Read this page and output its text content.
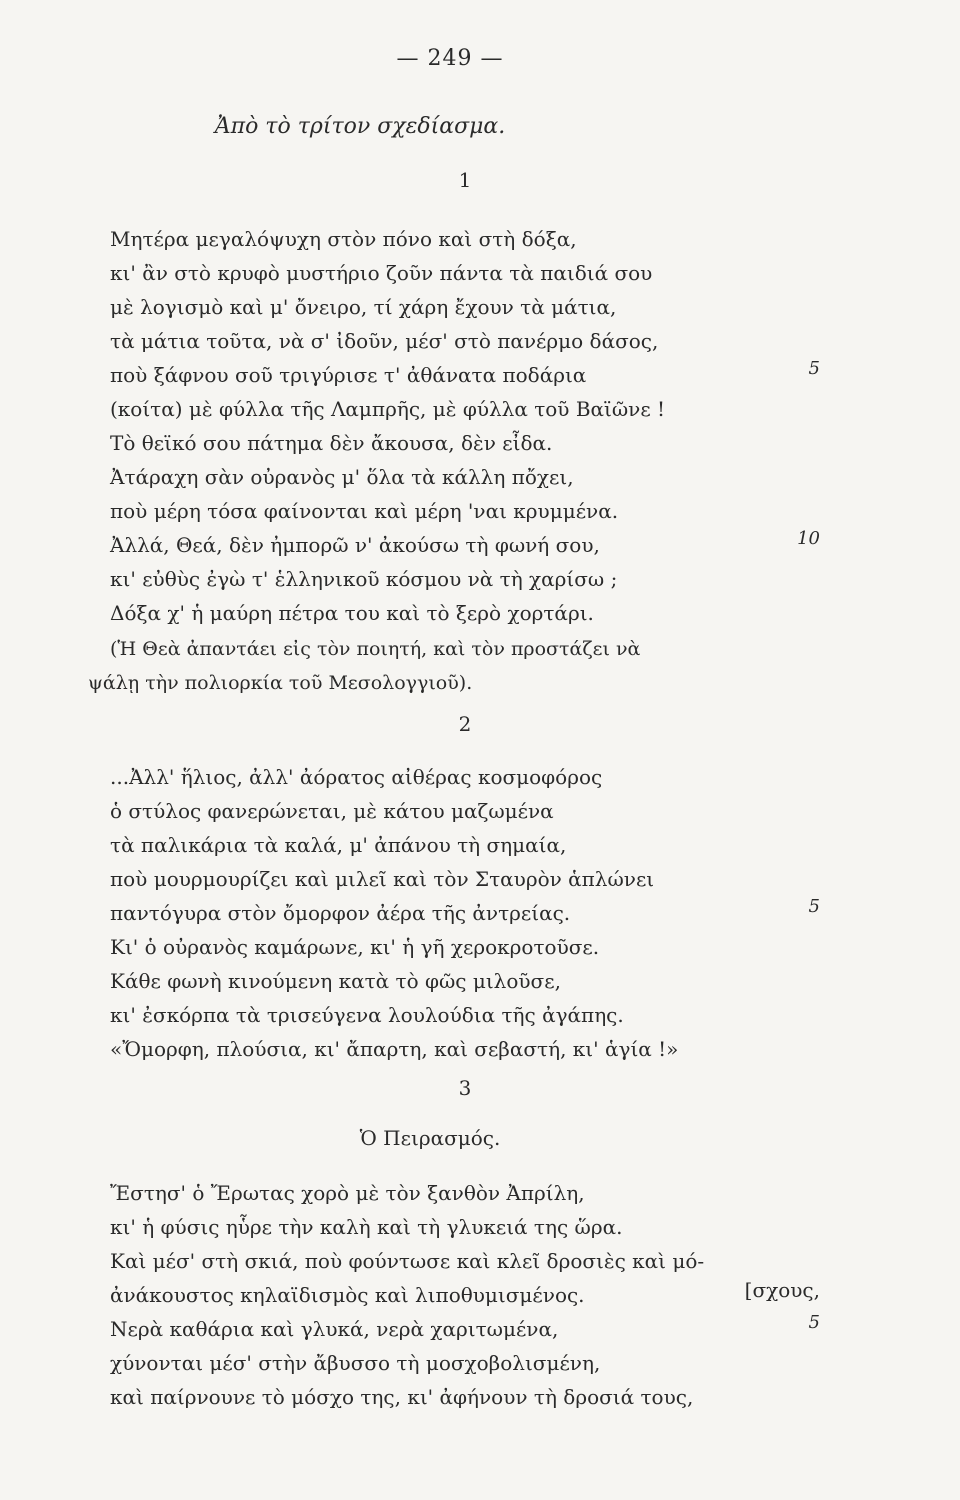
— 249 —
Ἀπὸ τὸ τρίτον σχεδίασμα.
1
Μητέρα μεγαλόψυχη στὸν πόνο καὶ στὴ δόξα,
κι' ἂν στὸ κρυφὸ μυστήριο ζοῦν πάντα τὰ παιδιά σου
μὲ λογισμὸ καὶ μ' ὄνειρο, τί χάρη ἔχουν τὰ μάτια,
τὰ μάτια τοῦτα, νὰ σ' ἰδοῦν, μέσ' στὸ πανέρμο δάσος,
ποὺ ξάφνου σοῦ τριγύρισε τ' ἀθάνατα ποδάρια	5
(κοίτα) μὲ φύλλα τῆς Λαμπρῆς, μὲ φύλλα τοῦ Βαϊῶνε !
Τὸ θεϊκό σου πάτημα δὲν ἄκουσα, δὲν εἶδα.
Ἀτάραχη σὰν οὐρανὸς μ' ὅλα τὰ κάλλη πὄχει,
ποὺ μέρη τόσα φαίνονται καὶ μέρη 'ναι κρυμμένα.
Ἀλλά, Θεά, δὲν ἠμπορῶ ν' ἀκούσω τὴ φωνή σου,	10
κι' εὐθὺς ἐγὼ τ' ἑλληνικοῦ κόσμου νὰ τὴ χαρίσω ;
Δόξα χ' ἡ μαύρη πέτρα του καὶ τὸ ξερὸ χορτάρι.
(Ἡ Θεὰ ἀπαντάει εἰς τὸν ποιητή, καὶ τὸν προστάζει νὰ
ψάλῃ τὴν πολιορκία τοῦ Μεσολογγιοῦ).
2
...Ἀλλ' ἥλιος, ἀλλ' ἀόρατος αἰθέρας κοσμοφόρος
ὁ στύλος φανερώνεται, μὲ κάτου μαζωμένα
τὰ παλικάρια τὰ καλά, μ' ἀπάνου τὴ σημαία,
ποὺ μουρμουρίζει καὶ μιλεῖ καὶ τὸν Σταυρὸν ἁπλώνει
παντόγυρα στὸν ὄμορφον ἀέρα τῆς ἀντρείας.	5
Κι' ὁ οὐρανὸς καμάρωνε, κι' ἡ γῆ χεροκροτοῦσε.
Κάθε φωνὴ κινούμενη κατὰ τὸ φῶς μιλοῦσε,
κι' ἐσκόρπα τὰ τρισεύγενα λουλούδια τῆς ἀγάπης.
«Ὄμορφη, πλούσια, κι' ἄπαρτη, καὶ σεβαστή, κι' ἁγία !»
3
Ὁ Πειρασμός.
Ἔστησ' ὁ Ἔρωτας χορὸ μὲ τὸν ξανθὸν Ἀπρίλη,
κι' ἡ φύσις ηὗρε τὴν καλὴ καὶ τὴ γλυκειά της ὥρα.
Καὶ μέσ' στὴ σκιά, ποὺ φούντωσε καὶ κλεῖ δροσιὲς καὶ μό-
ἀνάκουστος κηλαϊδισμὸς καὶ λιποθυμισμένος.	[σχους,
Νερὰ καθάρια καὶ γλυκά, νερὰ χαριτωμένα,	5
χύνονται μέσ' στὴν ἄβυσσο τὴ μοσχοβολισμένη,
καὶ παίρνουνε τὸ μόσχο της, κι' ἀφήνουν τὴ δροσιά τους,
